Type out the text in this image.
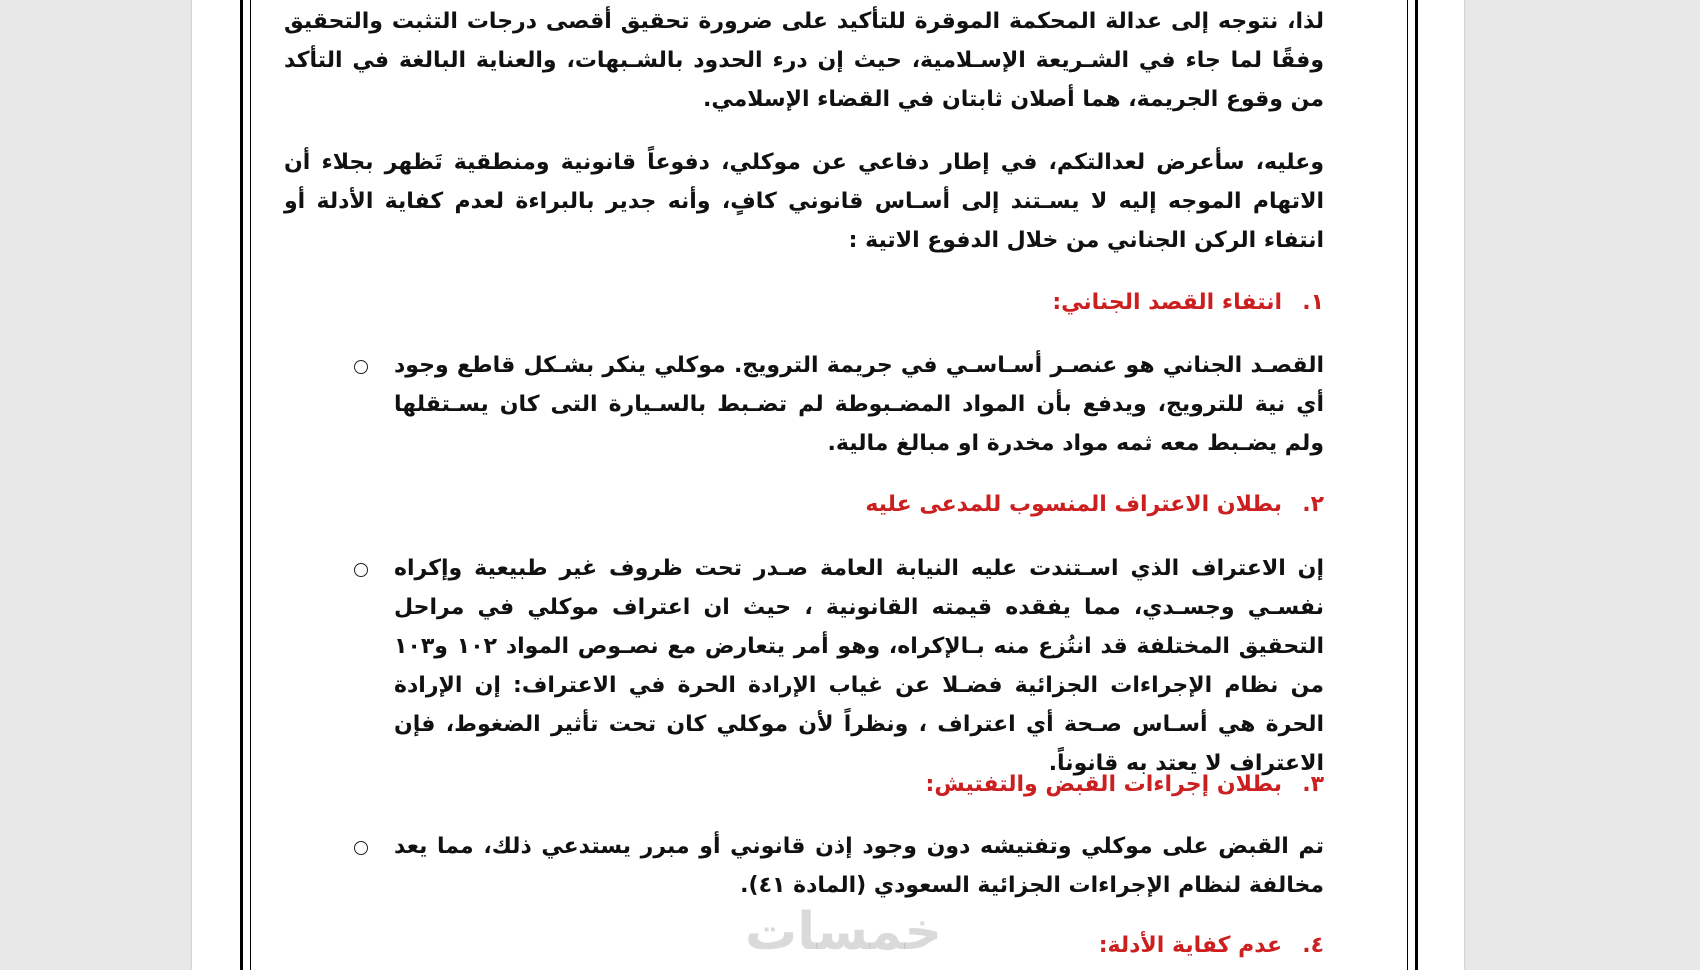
لذا، نتوجه إلى عدالة المحكمة الموقرة للتأكيد على ضرورة تحقيق أقصى درجات التثبت والتحقيق وفقًا لما جاء في الشـريعة الإسـلامية، حيث إن درء الحدود بالشـبهات، والعناية البالغة في التأكد من وقوع الجريمة، هما أصلان ثابتان في القضاء الإسلامي.

وعليه، سأعرض لعدالتكم، في إطار دفاعي عن موكلي، دفوعاً قانونية ومنطقية تَظهر بجلاء أن الاتهام الموجه إليه لا يسـتند إلى أسـاس قانوني كافٍ، وأنه جدير بالبراءة لعدم كفاية الأدلة أو انتفاء الركن الجناني من خلال الدفوع الاتية :

١.
انتفاء القصد الجناني:
القصـد الجناني هو عنصـر أسـاسـي في جريمة الترويج. موكلي ينكر بشـكل قاطع وجود أي نية للترويج، ويدفع بأن المواد المضـبوطة لم تضـبط بالسـيارة التى كان يسـتقلها ولم يضـبط معه ثمه مواد مخدرة او مبالغ مالية.
٢.
بطلان الاعتراف المنسوب للمدعى عليه
إن الاعتراف الذي اسـتندت عليه النيابة العامة صـدر تحت ظروف غير طبيعية وإكراه نفسـي وجسـدي، مما يفقده قيمته القانونية ، حيث ان اعتراف موكلي في مراحل التحقيق المختلفة قد انتُزع منه بـالإكراه، وهو أمر يتعارض مع نصـوص المواد ١٠٢ و١٠٣ من نظام الإجراءات الجزائية فضـلا عن غياب الإرادة الحرة في الاعتراف: إن الإرادة الحرة هي أسـاس صـحة أي اعتراف ، ونظراً لأن موكلي كان تحت تأثير الضغوط، فإن الاعتراف لا يعتد به قانوناً.
٣.
بطلان إجراءات القبض والتفتيش:
تم القبض على موكلي وتفتيشه دون وجود إذن قانوني أو مبرر يستدعي ذلك، مما يعد مخالفة لنظام الإجراءات الجزائية السعودي (المادة ٤١).
٤.
عدم كفاية الأدلة:
خمسات
